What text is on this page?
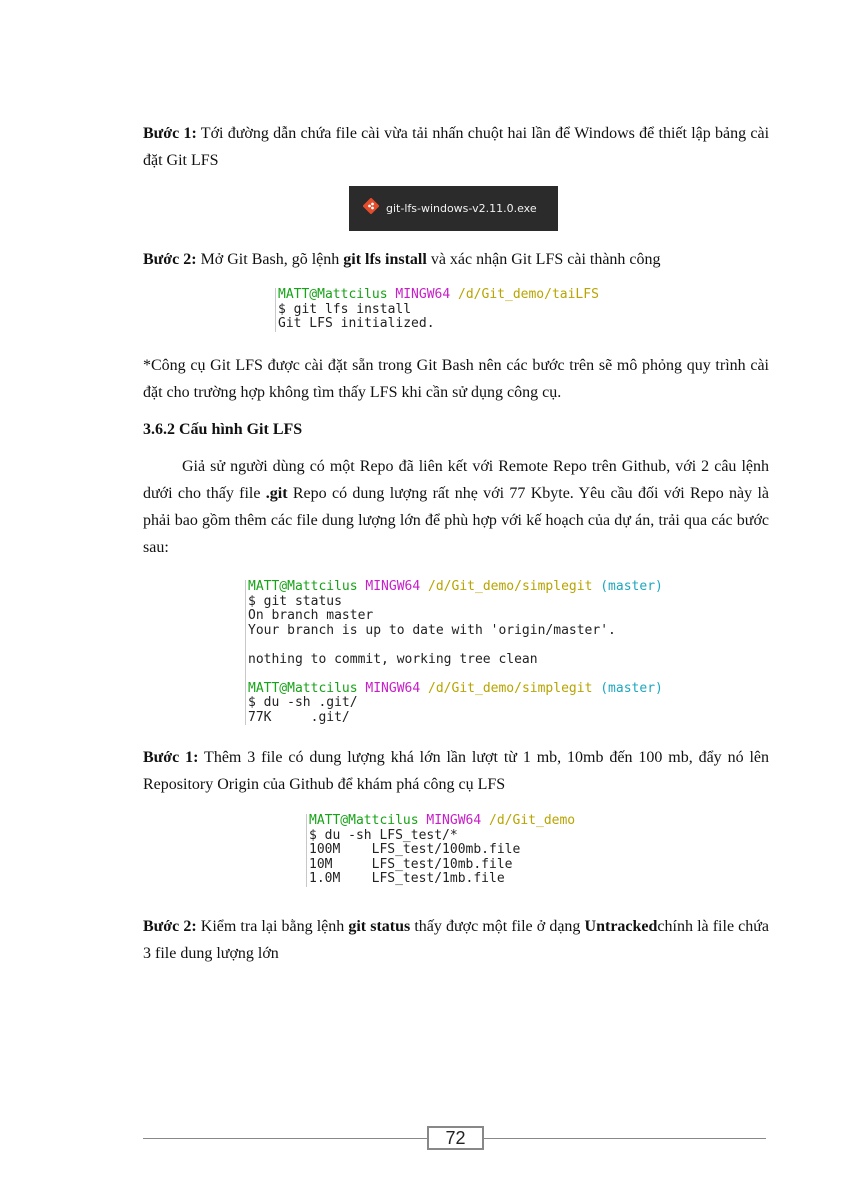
Bước 1: Tới đường dẫn chứa file cài vừa tải nhấn chuột hai lần để Windows để thiết lập bảng cài đặt Git LFS

git-lfs-windows-v2.11.0.exe

Bước 2: Mở Git Bash, gõ lệnh git lfs install và xác nhận Git LFS cài thành công

MATT@Mattcilus MINGW64 /d/Git_demo/taiLFS
$ git lfs install
Git LFS initialized.

*Công cụ Git LFS được cài đặt sẵn trong Git Bash nên các bước trên sẽ mô phỏng quy trình cài đặt cho trường hợp không tìm thấy LFS khi cần sử dụng công cụ.

3.6.2 Cấu hình Git LFS

Giả sử người dùng có một Repo đã liên kết với Remote Repo trên Github, với 2 câu lệnh dưới cho thấy file .git Repo có dung lượng rất nhẹ với 77 Kbyte. Yêu cầu đối với Repo này là phải bao gồm thêm các file dung lượng lớn để phù hợp với kế hoạch của dự án, trải qua các bước sau:

MATT@Mattcilus MINGW64 /d/Git_demo/simplegit (master)
$ git status
On branch master
Your branch is up to date with 'origin/master'.
nothing to commit, working tree clean
MATT@Mattcilus MINGW64 /d/Git_demo/simplegit (master)
$ du -sh .git/
77K     .git/

Bước 1: Thêm 3 file có dung lượng khá lớn lần lượt từ 1 mb, 10mb đến 100 mb, đẩy nó lên Repository Origin của Github để khám phá công cụ LFS

MATT@Mattcilus MINGW64 /d/Git_demo
$ du -sh LFS_test/*
100M    LFS_test/100mb.file
10M     LFS_test/10mb.file
1.0M    LFS_test/1mb.file

Bước 2: Kiểm tra lại bằng lệnh git status thấy được một file ở dạng Untrackedchính là file chứa 3 file dung lượng lớn

72
